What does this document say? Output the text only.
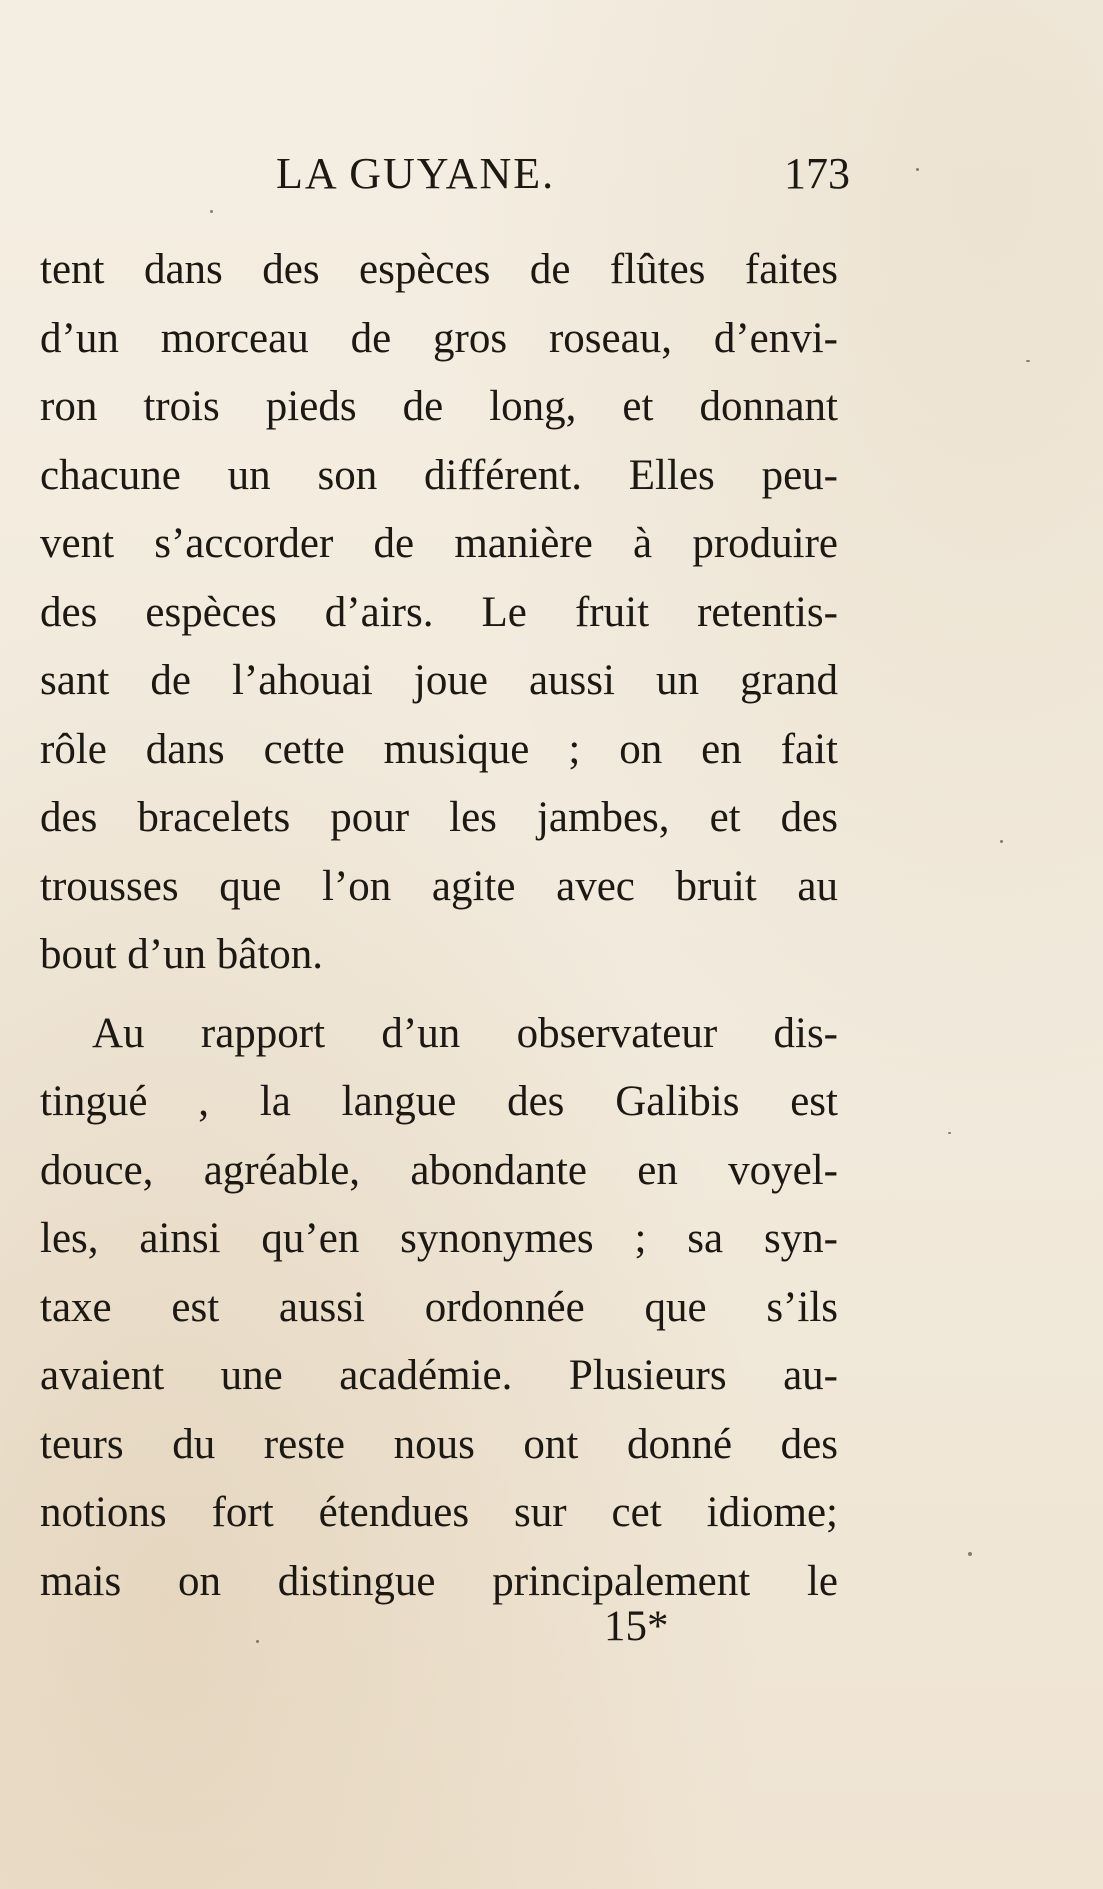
LA GUYANE.	173
tent dans des espèces de flûtes faites
d’un morceau de gros roseau, d’envi-
ron trois pieds de long, et donnant
chacune un son différent. Elles peu-
vent s’accorder de manière à produire
des espèces d’airs. Le fruit retentis-
sant de l’ahouai joue aussi un grand
rôle dans cette musique ; on en fait
des bracelets pour les jambes, et des
trousses que l’on agite avec bruit au
bout d’un bâton.
Au rapport d’un observateur dis-
tingué , la langue des Galibis est
douce, agréable, abondante en voyel-
les, ainsi qu’en synonymes ; sa syn-
taxe est aussi ordonnée que s’ils
avaient une académie. Plusieurs au-
teurs du reste nous ont donné des
notions fort étendues sur cet idiome;
mais on distingue principalement le
15*
